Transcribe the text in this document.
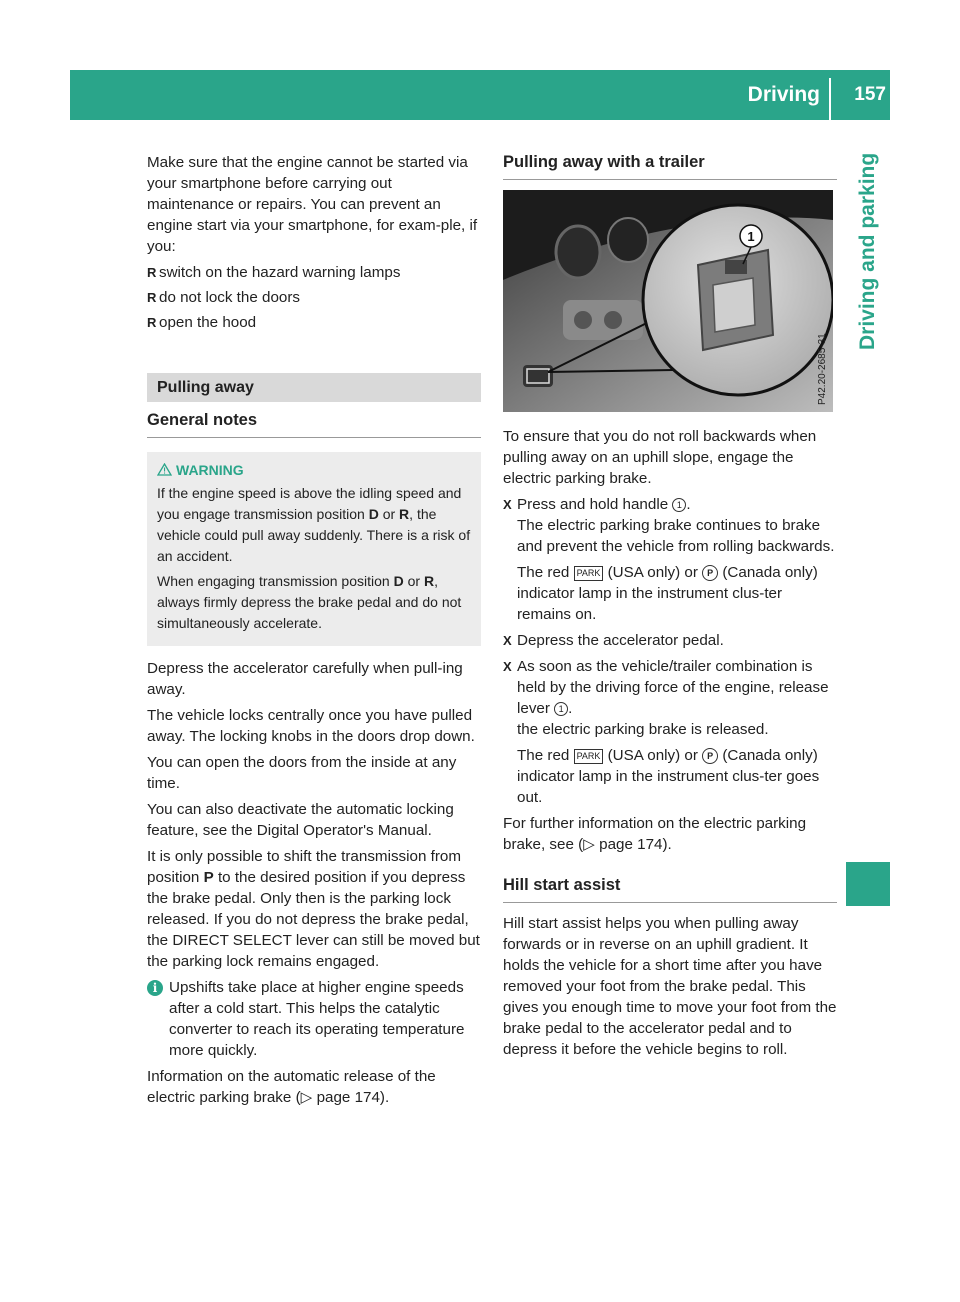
Driving 157
Driving and parking

Make sure that the engine cannot be started via your smartphone before carrying out maintenance or repairs. You can prevent an engine start via your smartphone, for exam-ple, if you:

R switch on the hazard warning lamps
R do not lock the doors
R open the hood
Pulling away
General notes
WARNING

If the engine speed is above the idling speed and you engage transmission position D or R, the vehicle could pull away suddenly. There is a risk of an accident.

When engaging transmission position D or R, always firmly depress the brake pedal and do not simultaneously accelerate.

Depress the accelerator carefully when pull-ing away.

The vehicle locks centrally once you have pulled away. The locking knobs in the doors drop down.

You can open the doors from the inside at any time.

You can also deactivate the automatic locking feature, see the Digital Operator's Manual.

It is only possible to shift the transmission from position P to the desired position if you depress the brake pedal. Only then is the parking lock released. If you do not depress the brake pedal, the DIRECT SELECT lever can still be moved but the parking lock remains engaged.

i Upshifts take place at higher engine speeds after a cold start. This helps the catalytic converter to reach its operating temperature more quickly.

Information on the automatic release of the electric parking brake (▷ page 174).

Pulling away with a trailer
1
P42.20-2685-31

To ensure that you do not roll backwards when pulling away on an uphill slope, engage the electric parking brake.

X Press and hold handle 1 .
The electric parking brake continues to brake and prevent the vehicle from rolling backwards.
The red PARK (USA only) or P (Canada only) indicator lamp in the instrument clus-ter remains on.
X Depress the accelerator pedal.
X As soon as the vehicle/trailer combination is held by the driving force of the engine, release lever 1 .
the electric parking brake is released.
The red PARK (USA only) or P (Canada only) indicator lamp in the instrument clus-ter goes out.

For further information on the electric parking brake, see (▷ page 174).

Hill start assist

Hill start assist helps you when pulling away forwards or in reverse on an uphill gradient. It holds the vehicle for a short time after you have removed your foot from the brake pedal. This gives you enough time to move your foot from the brake pedal to the accelerator pedal and to depress it before the vehicle begins to roll.
